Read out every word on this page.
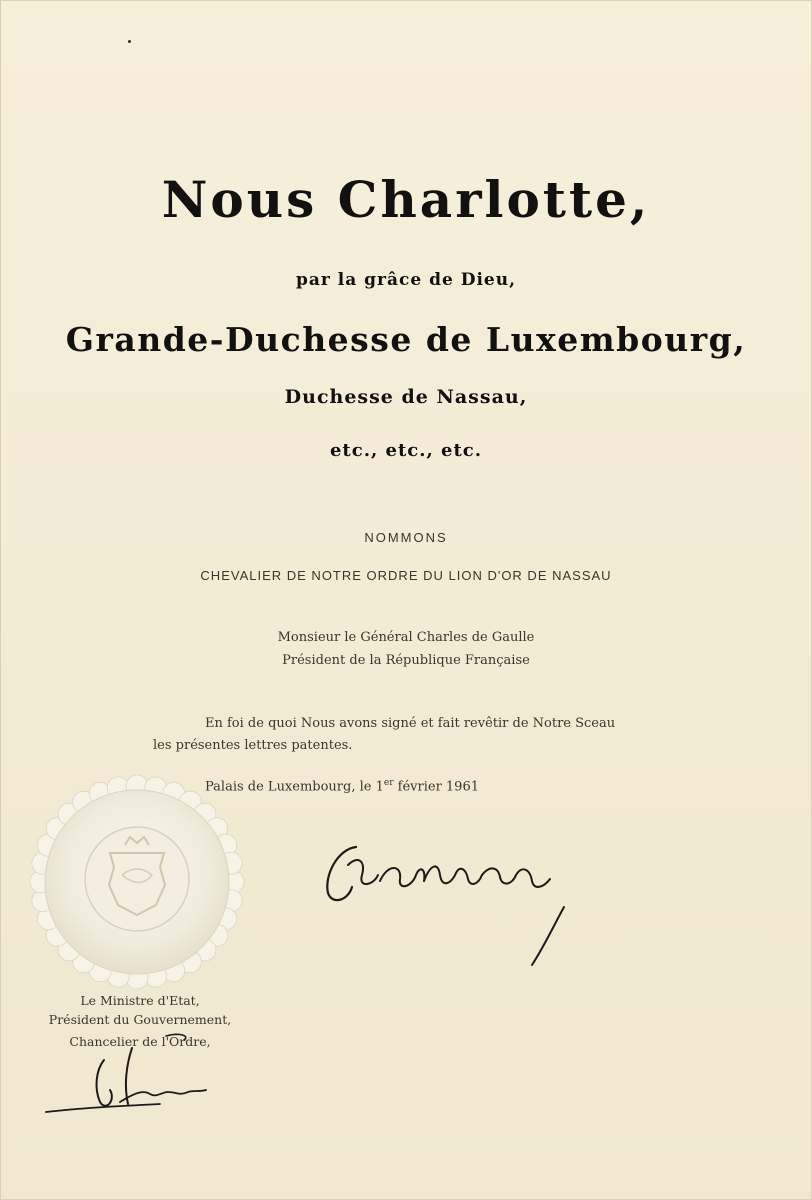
Nous Charlotte,
par la grâce de Dieu,
Grande-Duchesse de Luxembourg,
Duchesse de Nassau,
etc., etc., etc.
NOMMONS
CHEVALIER DE NOTRE ORDRE DU LION D'OR DE NASSAU
Monsieur le Général Charles de Gaulle
Président de la République Française
En foi de quoi Nous avons signé et fait revêtir de Notre Sceau
les présentes lettres patentes.
Palais de Luxembourg, le 1er février 1961
Le Ministre d'Etat,
Président du Gouvernement,
Chancelier de l'Ordre,
